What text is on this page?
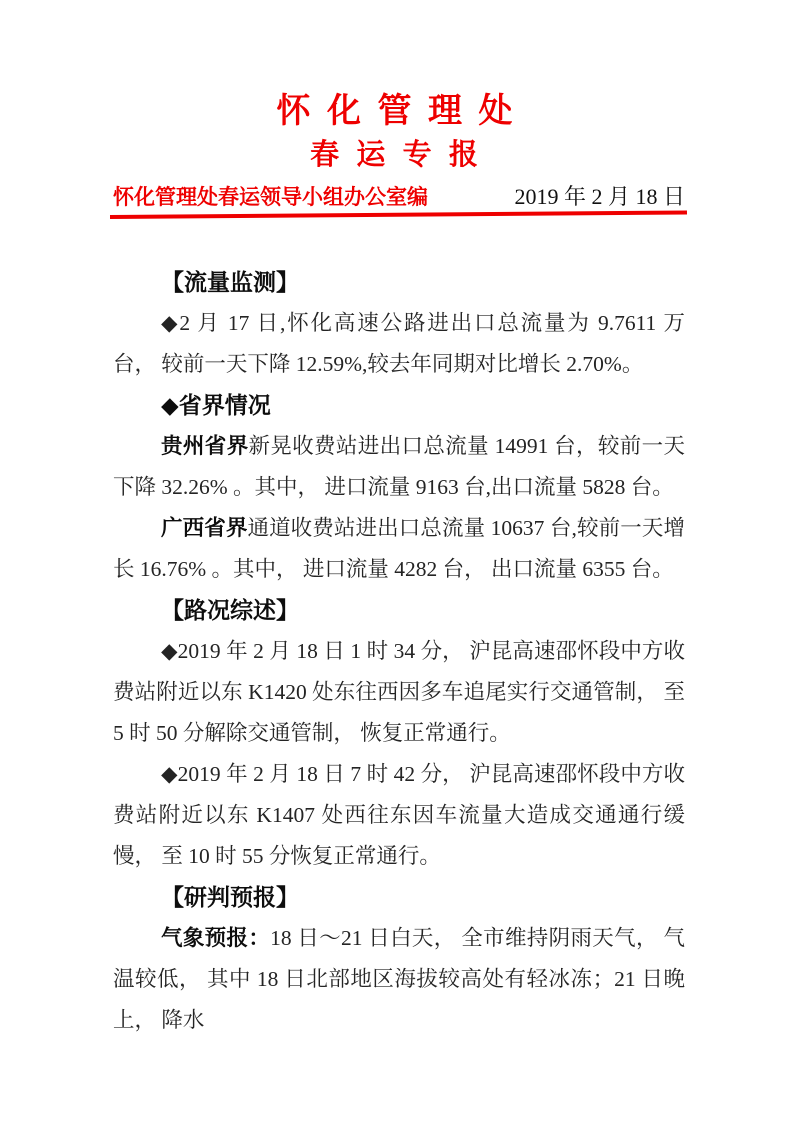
怀 化 管 理 处
春 运 专 报
怀化管理处春运领导小组办公室编	2019 年 2 月 18 日

【流量监测】

◆2 月 17 日,怀化高速公路进出口总流量为 9.7611 万台， 较前一天下降 12.59%,较去年同期对比增长 2.70%。

◆省界情况

贵州省界新晃收费站进出口总流量 14991 台，较前一天下降 32.26% 。其中， 进口流量 9163 台,出口流量 5828 台。

广西省界通道收费站进出口总流量 10637 台,较前一天增长 16.76% 。其中， 进口流量 4282 台， 出口流量 6355 台。

【路况综述】

◆2019 年 2 月 18 日 1 时 34 分， 沪昆高速邵怀段中方收费站附近以东 K1420 处东往西因多车追尾实行交通管制， 至 5 时 50 分解除交通管制， 恢复正常通行。

◆2019 年 2 月 18 日 7 时 42 分， 沪昆高速邵怀段中方收费站附近以东 K1407 处西往东因车流量大造成交通通行缓慢， 至 10 时 55 分恢复正常通行。

【研判预报】

气象预报：18 日～21 日白天， 全市维持阴雨天气， 气温较低， 其中 18 日北部地区海拔较高处有轻冰冻；21 日晚上， 降水
